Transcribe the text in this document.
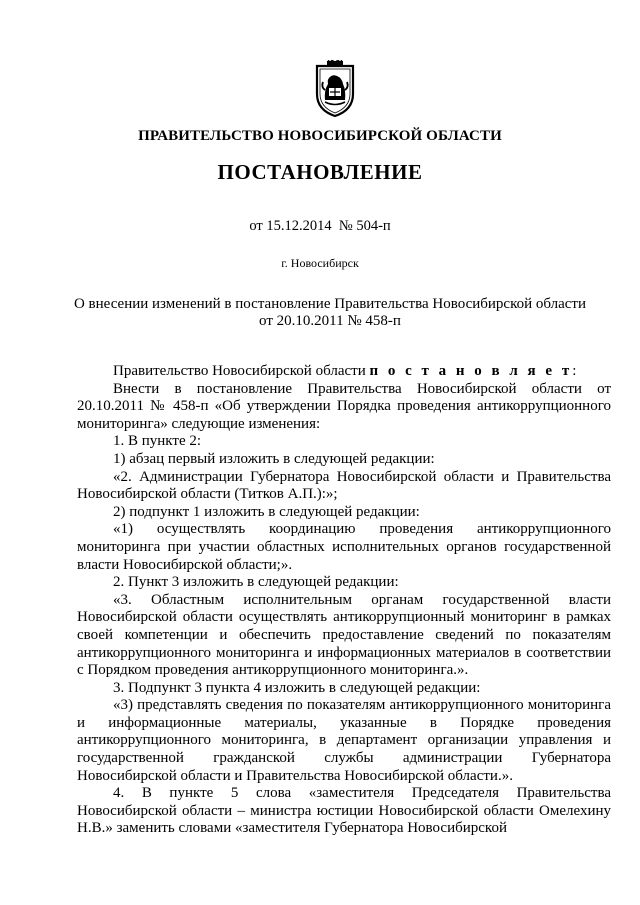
ПРАВИТЕЛЬСТВО НОВОСИБИРСКОЙ ОБЛАСТИ
ПОСТАНОВЛЕНИЕ
от 15.12.2014 № 504-п
г. Новосибирск
О внесении изменений в постановление Правительства Новосибирской области
от 20.10.2011 № 458-п

Правительство Новосибирской области п о с т а н о в л я е т:

Внести в постановление Правительства Новосибирской области от 20.10.2011 № 458-п «Об утверждении Порядка проведения антикоррупционного мониторинга» следующие изменения:

1. В пункте 2:

1) абзац первый изложить в следующей редакции:

«2. Администрации Губернатора Новосибирской области и Правительства Новосибирской области (Титков А.П.):»;

2) подпункт 1 изложить в следующей редакции:

«1) осуществлять координацию проведения антикоррупционного мониторинга при участии областных исполнительных органов государственной власти Новосибирской области;».

2. Пункт 3 изложить в следующей редакции:

«3. Областным исполнительным органам государственной власти Новосибирской области осуществлять антикоррупционный мониторинг в рамках своей компетенции и обеспечить предоставление сведений по показателям антикоррупционного мониторинга и информационных материалов в соответствии с Порядком проведения антикоррупционного мониторинга.».

3. Подпункт 3 пункта 4 изложить в следующей редакции:

«3) представлять сведения по показателям антикоррупционного мониторинга и информационные материалы, указанные в Порядке проведения антикоррупционного мониторинга, в департамент организации управления и государственной гражданской службы администрации Губернатора Новосибирской области и Правительства Новосибирской области.».

4. В пункте 5 слова «заместителя Председателя Правительства Новосибирской области – министра юстиции Новосибирской области Омелехину Н.В.» заменить словами «заместителя Губернатора Новосибирской
